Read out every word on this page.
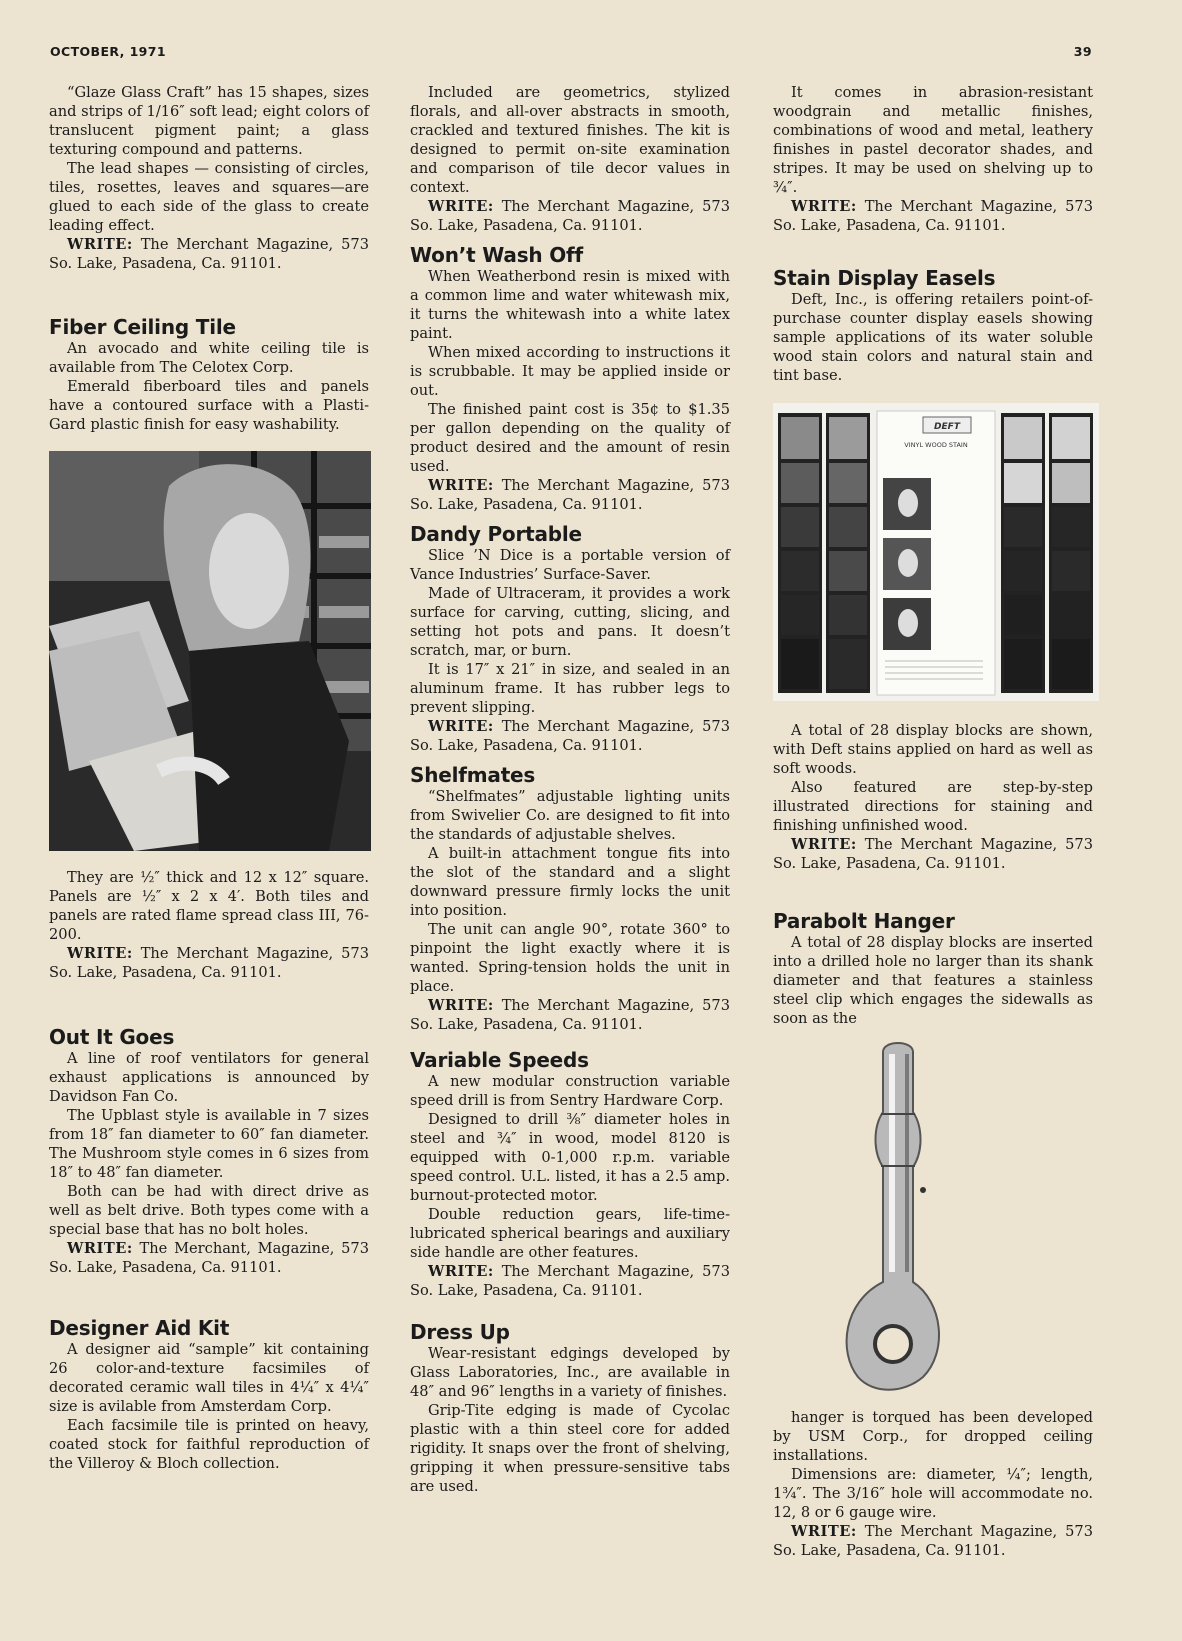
OCTOBER, 1971	39

“Glaze Glass Craft” has 15 shapes, sizes and strips of 1/16″ soft lead; eight colors of translucent pigment paint; a glass texturing compound and patterns.

The lead shapes — consisting of circles, tiles, rosettes, leaves and squares—are glued to each side of the glass to create leading effect.

WRITE: The Merchant Magazine, 573 So. Lake, Pasadena, Ca. 91101.

Fiber Ceiling Tile

An avocado and white ceiling tile is available from The Celotex Corp.

Emerald fiberboard tiles and panels have a contoured surface with a Plasti-Gard plastic finish for easy washability.

They are ½″ thick and 12 x 12″ square. Panels are ½″ x 2 x 4′. Both tiles and panels are rated flame spread class III, 76-200.

WRITE: The Merchant Magazine, 573 So. Lake, Pasadena, Ca. 91101.

Out It Goes

A line of roof ventilators for general exhaust applications is announced by Davidson Fan Co.

The Upblast style is available in 7 sizes from 18″ fan diameter to 60″ fan diameter. The Mushroom style comes in 6 sizes from 18″ to 48″ fan diameter.

Both can be had with direct drive as well as belt drive. Both types come with a special base that has no bolt holes.

WRITE: The Merchant, Magazine, 573 So. Lake, Pasadena, Ca. 91101.

Designer Aid Kit

A designer aid “sample” kit containing 26 color-and-texture facsimiles of decorated ceramic wall tiles in 4¼″ x 4¼″ size is avilable from Amsterdam Corp.

Each facsimile tile is printed on heavy, coated stock for faithful reproduction of the Villeroy & Bloch collection.

Included are geometrics, stylized florals, and all-over abstracts in smooth, crackled and textured finishes. The kit is designed to permit on-site examination and comparison of tile decor values in context.

WRITE: The Merchant Magazine, 573 So. Lake, Pasadena, Ca. 91101.

Won’t Wash Off

When Weatherbond resin is mixed with a common lime and water whitewash mix, it turns the whitewash into a white latex paint.

When mixed according to instructions it is scrubbable. It may be applied inside or out.

The finished paint cost is 35¢ to $1.35 per gallon depending on the quality of product desired and the amount of resin used.

WRITE: The Merchant Magazine, 573 So. Lake, Pasadena, Ca. 91101.

Dandy Portable

Slice ’N Dice is a portable version of Vance Industries’ Surface-Saver.

Made of Ultraceram, it provides a work surface for carving, cutting, slicing, and setting hot pots and pans. It doesn’t scratch, mar, or burn.

It is 17″ x 21″ in size, and sealed in an aluminum frame. It has rubber legs to prevent slipping.

WRITE: The Merchant Magazine, 573 So. Lake, Pasadena, Ca. 91101.

Shelfmates

“Shelfmates” adjustable lighting units from Swivelier Co. are designed to fit into the standards of adjustable shelves.

A built-in attachment tongue fits into the slot of the standard and a slight downward pressure firmly locks the unit into position.

The unit can angle 90°, rotate 360° to pinpoint the light exactly where it is wanted. Spring-tension holds the unit in place.

WRITE: The Merchant Magazine, 573 So. Lake, Pasadena, Ca. 91101.

Variable Speeds

A new modular construction variable speed drill is from Sentry Hardware Corp.

Designed to drill ⅜″ diameter holes in steel and ¾″ in wood, model 8120 is equipped with 0-1,000 r.p.m. variable speed control. U.L. listed, it has a 2.5 amp. burnout-protected motor.

Double reduction gears, life-time-lubricated spherical bearings and auxiliary side handle are other features.

WRITE: The Merchant Magazine, 573 So. Lake, Pasadena, Ca. 91101.

Dress Up

Wear-resistant edgings developed by Glass Laboratories, Inc., are available in 48″ and 96″ lengths in a variety of finishes.

Grip-Tite edging is made of Cycolac plastic with a thin steel core for added rigidity. It snaps over the front of shelving, gripping it when pressure-sensitive tabs are used.

It comes in abrasion-resistant woodgrain and metallic finishes, combinations of wood and metal, leathery finishes in pastel decorator shades, and stripes. It may be used on shelving up to ¾″.

WRITE: The Merchant Magazine, 573 So. Lake, Pasadena, Ca. 91101.

Stain Display Easels

Deft, Inc., is offering retailers point-of-purchase counter display easels showing sample applications of its water soluble wood stain colors and natural stain and tint base.

DEFT
VINYL WOOD STAIN

A total of 28 display blocks are shown, with Deft stains applied on hard as well as soft woods.

Also featured are step-by-step illustrated directions for staining and finishing unfinished wood.

WRITE: The Merchant Magazine, 573 So. Lake, Pasadena, Ca. 91101.

Parabolt Hanger

A total of 28 display blocks are inserted into a drilled hole no larger than its shank diameter and that features a stainless steel clip which engages the sidewalls as soon as the

hanger is torqued has been developed by USM Corp., for dropped ceiling installations.

Dimensions are: diameter, ¼″; length, 1¾″. The 3/16″ hole will accommodate no. 12, 8 or 6 gauge wire.

WRITE: The Merchant Magazine, 573 So. Lake, Pasadena, Ca. 91101.
